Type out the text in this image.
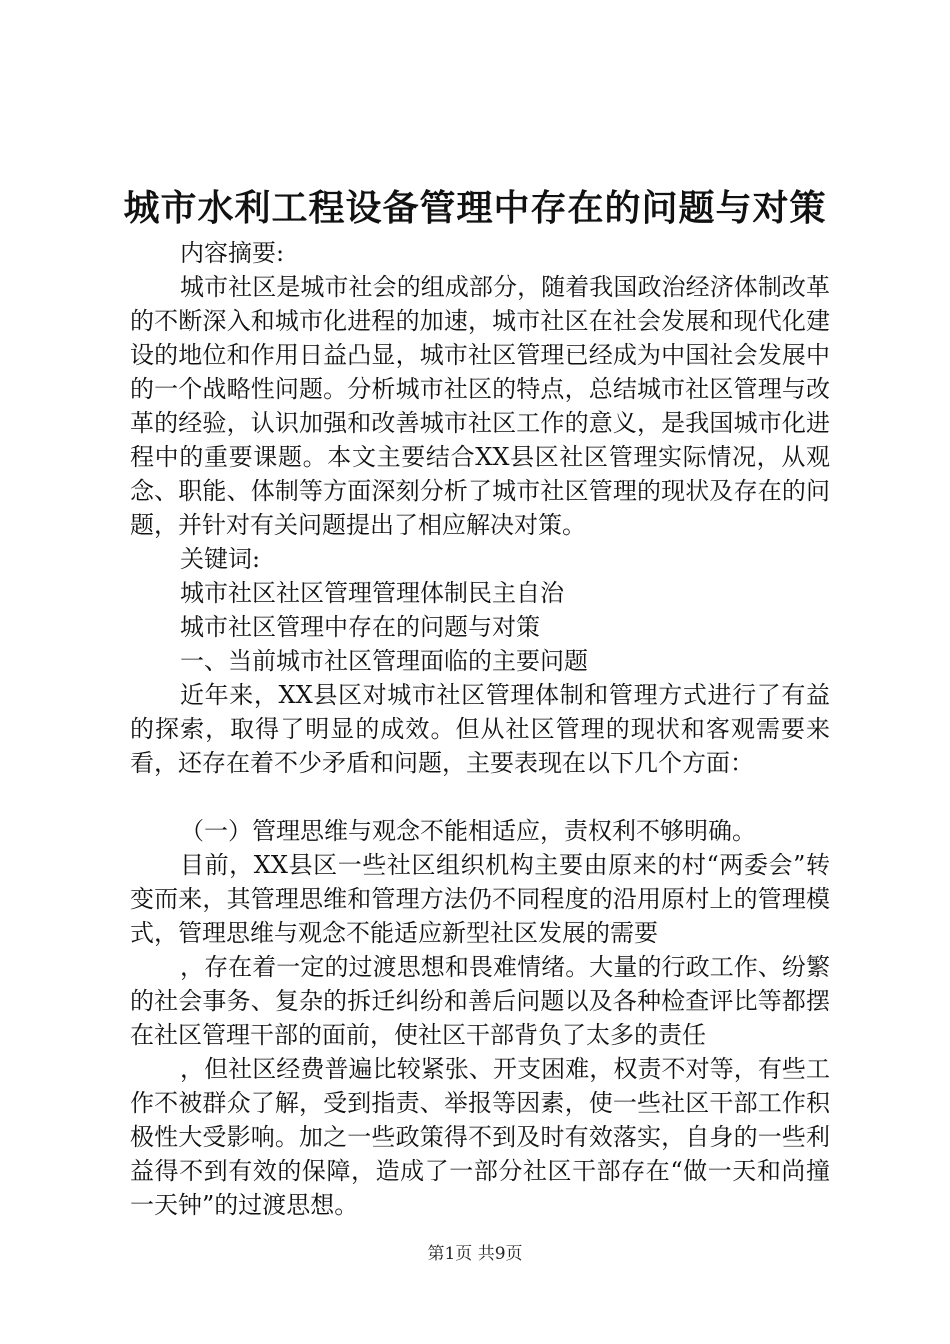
城市水利工程设备管理中存在的问题与对策

内容摘要:

城市社区是城市社会的组成部分，随着我国政治经济体制改革的不断深入和城市化进程的加速，城市社区在社会发展和现代化建设的地位和作用日益凸显，城市社区管理已经成为中国社会发展中的一个战略性问题。分析城市社区的特点，总结城市社区管理与改革的经验，认识加强和改善城市社区工作的意义，是我国城市化进程中的重要课题。本文主要结合XX县区社区管理实际情况，从观念、职能、体制等方面深刻分析了城市社区管理的现状及存在的问题，并针对有关问题提出了相应解决对策。

关键词:

城市社区社区管理管理体制民主自治

城市社区管理中存在的问题与对策

一、当前城市社区管理面临的主要问题

近年来，XX县区对城市社区管理体制和管理方式进行了有益的探索，取得了明显的成效。但从社区管理的现状和客观需要来看，还存在着不少矛盾和问题，主要表现在以下几个方面：

（一）管理思维与观念不能相适应，责权利不够明确。

目前，XX县区一些社区组织机构主要由原来的村“两委会”转变而来，其管理思维和管理方法仍不同程度的沿用原村上的管理模式，管理思维与观念不能适应新型社区发展的需要

，存在着一定的过渡思想和畏难情绪。大量的行政工作、纷繁的社会事务、复杂的拆迁纠纷和善后问题以及各种检查评比等都摆在社区管理干部的面前，使社区干部背负了太多的责任

，但社区经费普遍比较紧张、开支困难，权责不对等，有些工作不被群众了解，受到指责、举报等因素，使一些社区干部工作积极性大受影响。加之一些政策得不到及时有效落实，自身的一些利益得不到有效的保障，造成了一部分社区干部存在“做一天和尚撞一天钟”的过渡思想。

第1页 共9页
